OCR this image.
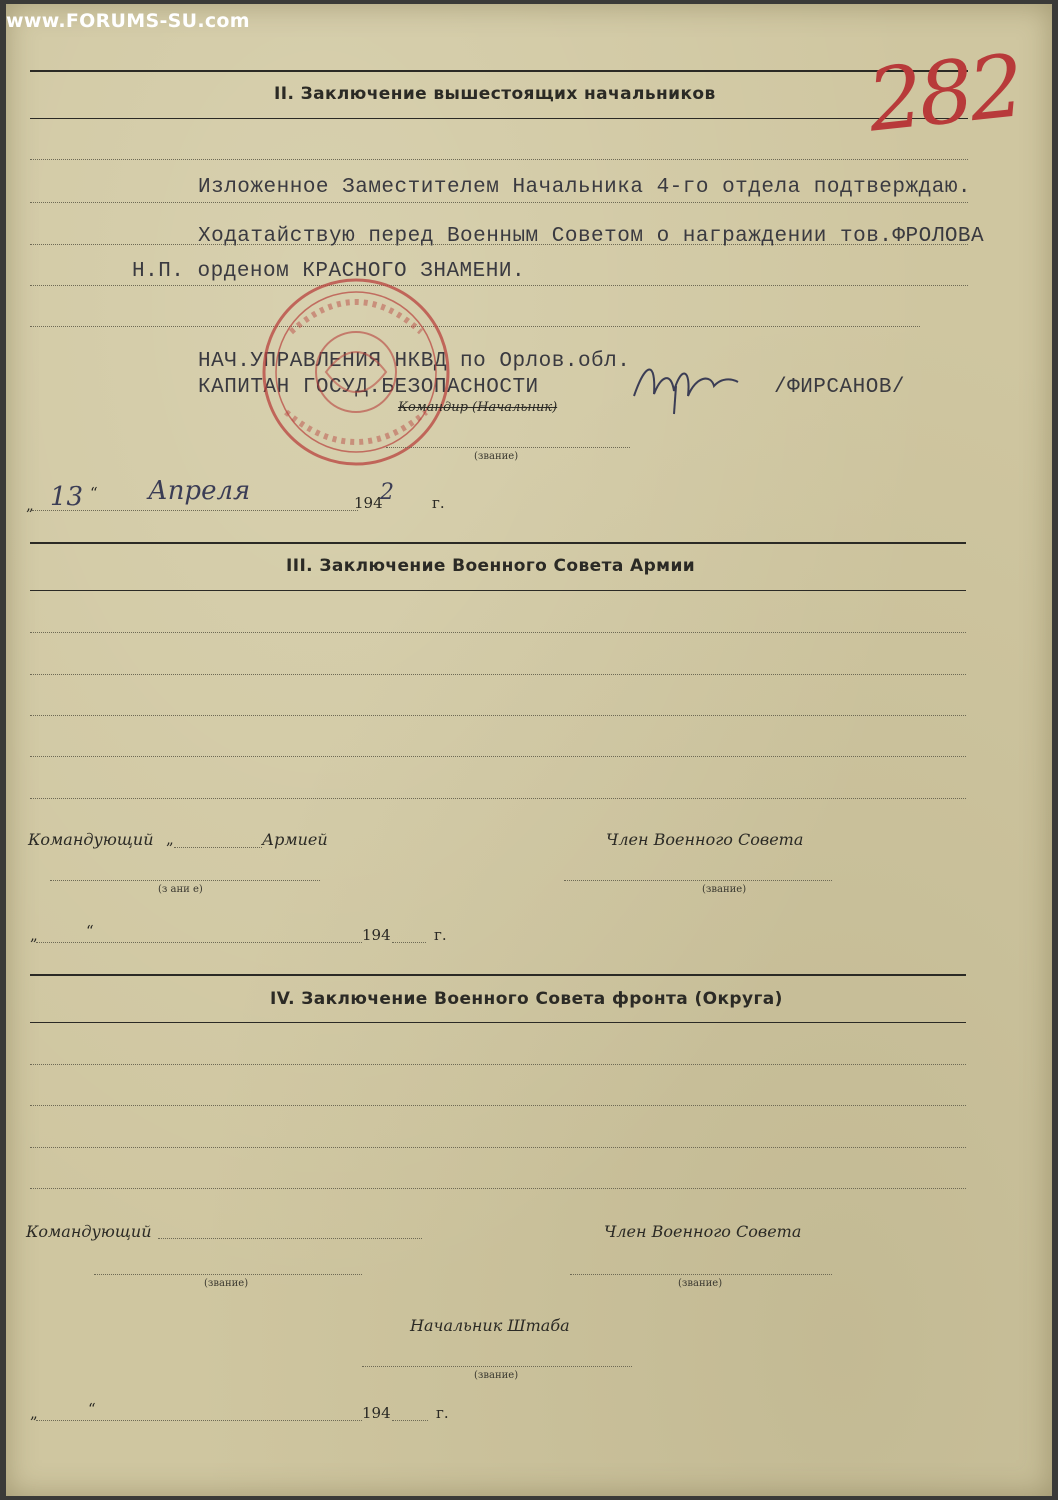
II. Заключение вышестоящих начальников 282
Изложенное Заместителем Начальника 4-го отдела подтверждаю.
Ходатайствую перед Военным Советом о награждении тов.ФРОЛОВА
Н.П. орденом КРАСНОГО ЗНАМЕНИ.
НАЧ.УПРАВЛЕНИЯ НКВД по Орлов.обл.
КАПИТАН ГОСУД.БЕЗОПАСНОСТИ	/ФИРСАНОВ/
Командир (Начальник)
(звание)
„ 13 “ Апреля	194
2	г.
III. Заключение Военного Совета Армии
Командующий „	Армией	Член Военного Совета
(з ани е)	(звание)
„	“	194	г.
IV. Заключение Военного Совета фронта (Округа)
Командующий	Член Военного Совета
(звание)	(звание)
Начальник Штаба
(звание)
„	“	194	г.
www.FORUMS-SU.com
